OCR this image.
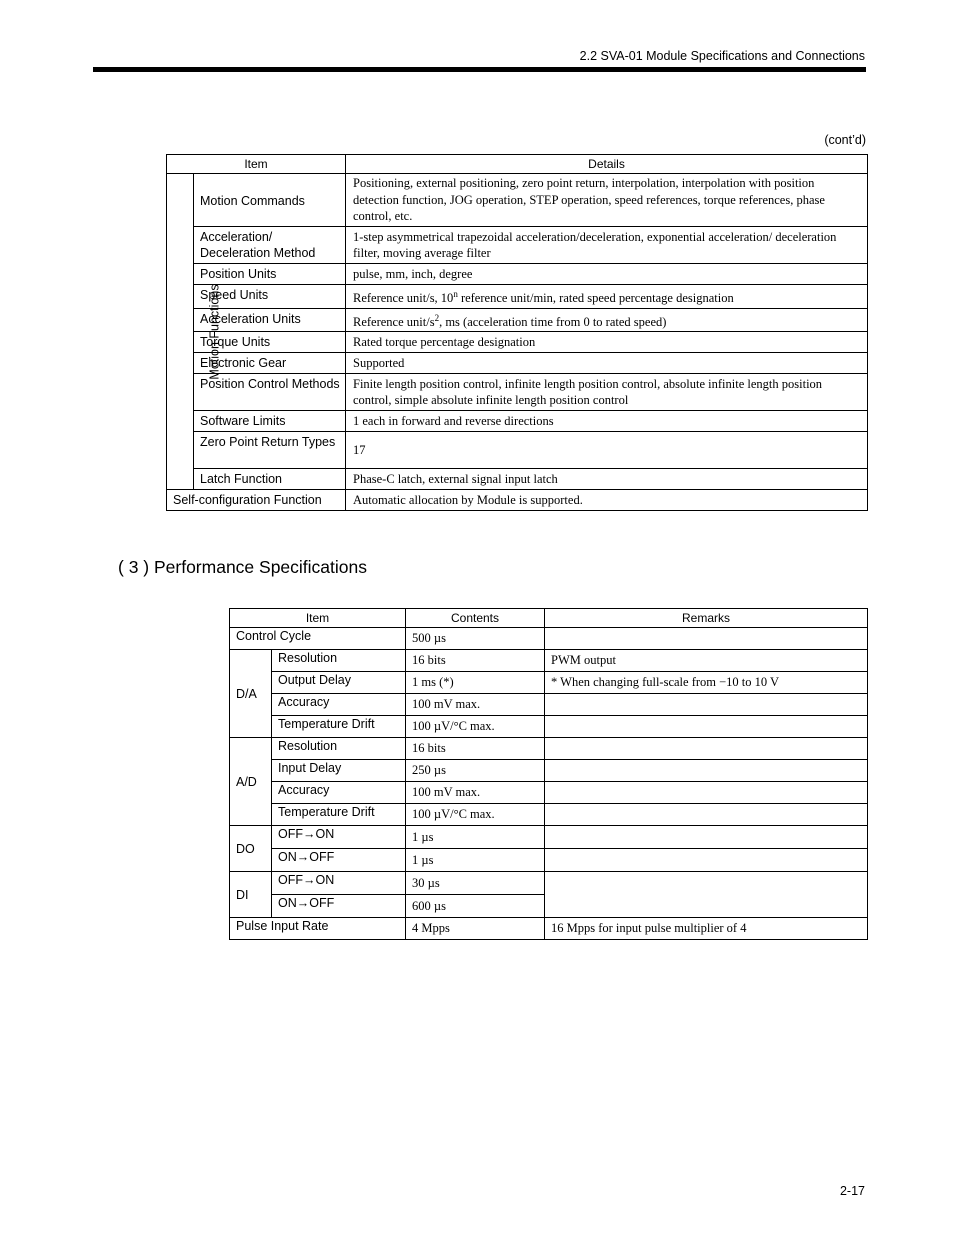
2.2 SVA-01 Module Specifications and Connections
(cont’d)
Item		Details
Motion Functions	Motion Commands	Positioning, external positioning, zero point return, interpolation, interpolation with position detection function, JOG operation, STEP operation, speed references, torque references, phase control, etc.
	Acceleration/ Deceleration Method	1-step asymmetrical trapezoidal acceleration/deceleration, exponential acceleration/ deceleration filter, moving average filter
	Position Units	pulse, mm, inch, degree
	Speed Units	Reference unit/s, 10$^n$ reference unit/min, rated speed percentage designation
	Acceleration Units	Reference unit/$s^2$, ms (acceleration time from 0 to rated speed)
	Torque Units	Rated torque percentage designation
	Electronic Gear	Supported
	Position Control Methods	Finite length position control, infinite length position control, absolute infinite length position control, simple absolute infinite length position control
	Software Limits	1 each in forward and reverse directions
	Zero Point Return Types	17
	Latch Function	Phase-C latch, external signal input latch
Self-configuration Function		Automatic allocation by Module is supported.
( 3 ) Performance Specifications
Item		Contents	Remarks
Control Cycle		500 µs	
D/A	Resolution	16 bits	PWM output
	Output Delay	1 ms (*)	* When changing full-scale from −10 to 10 V
	Accuracy	100 mV max.	
	Temperature Drift	100 µV/°C max.	
A/D	Resolution	16 bits	
	Input Delay	250 µs	
	Accuracy	100 mV max.	
	Temperature Drift	100 µV/°C max.	
DO	OFF→ON	1 µs	
	ON→OFF	1 µs	
DI	OFF→ON	30 µs	
	ON→OFF	600 µs	
Pulse Input Rate		4 Mpps	16 Mpps for input pulse multiplier of 4
2-17
